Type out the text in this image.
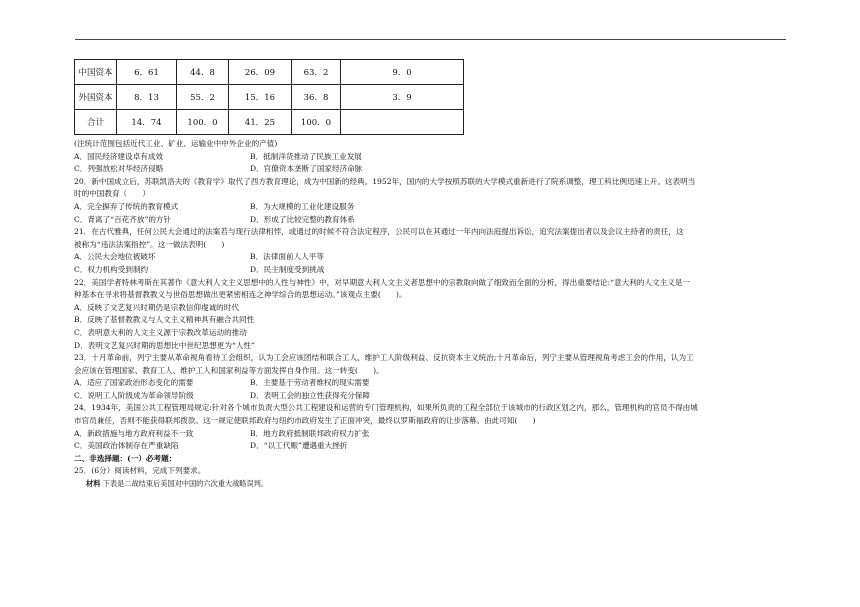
中国资本	6．61	44．8	26．09	63．2	9．0
外国资本	8．13	55．2	15．16	36．8	3．9
合计	14．74	100．0	41．25	100．0	
(注统计范围包括近代工业、矿业、运输业中中外企业的产值)
A．国民经济建设卓有成效	B．抵制洋货推动了民族工业发展
C．列强放松对华经济侵略	D．官僚资本垄断了国家经济命脉
20．新中国成立后，苏联凯洛夫的《教育学》取代了西方教育理论，成为中国新的经典。1952年，国内的大学按照苏联的大学模式重新进行了院系调整，理工科比例迅速上升。这表明当
时的中国教育（　　）
A．完全摒弃了传统的教育模式	B．为大规模的工业化建设服务
C．背离了“百花齐放”的方针	D．形成了比较完整的教育体系
21．在古代雅典，任何公民大会通过的法案若与现行法律相悖，或通过的时候不符合法定程序，公民可以在其通过一年内向法庭提出诉讼，追究法案提出者以及会议主持者的责任，这
被称为“违法法案指控”。这一做法表明(　　)
A．公民大会地位被破坏	B．法律面前人人平等
C．权力机构受到制约	D．民主制度受到挑战
22．美国学者特林考斯在其著作《意大利人文主义思想中的人性与神性》中，对早期意大利人文主义者思想中的宗教取向做了细致而全面的分析，得出重要结论:“意大利的人文主义是一
种基本在寻求将基督教教义与世俗思想做出更紧密相连之神学综合的思想运动。”该观点主要(　　)。
A．反映了文艺复兴时期仍是宗教信仰虔诚的时代
B．反映了基督教教义与人文主义精神具有融合共同性
C．表明意大利的人文主义源于宗教改革运动的推动
D．表明文艺复兴时期的思想比中世纪思想更为“人性”
23．十月革命前，列宁主要从革命视角看待工会组织，认为工会应该团结和联合工人、维护工人阶级利益、反抗资本主义统治;十月革命后，列宁主要从管理视角考虑工会的作用，认为工
会应该在管理国家、教育工人、维护工人和国家利益等方面发挥自身作用。这一转变(　　)。
A．适应了国家政治形态变化的需要	B．主要基于劳动者维权的现实需要
C．说明工人阶级成为革命领导阶级	D．表明工会的独立性获得充分保障
24．1934年，美国公共工程管理局规定:针对各个城市负责大型公共工程建设和运营的专门管理机构，如果所负责的工程全部位于该城市的行政区划之内，那么，管理机构的官员不得由城
市官员兼任，否则不能获得联邦拨款。这一规定使联邦政府与纽约市政府发生了正面冲突，最终以罗斯福政府的让步落幕。由此可知(　　)
A．新政措施与地方政府利益不一致	B．地方政府抵制联邦政府权力扩张
C．美国政治体制存在严重缺陷	D．“以工代赈”遭遇重大挫折
二、非选择题：(一）必考题：
25．(6分）阅读材料，完成下列要求。
材料 下表是二战结束后美国对中国的六次重大战略误判。
